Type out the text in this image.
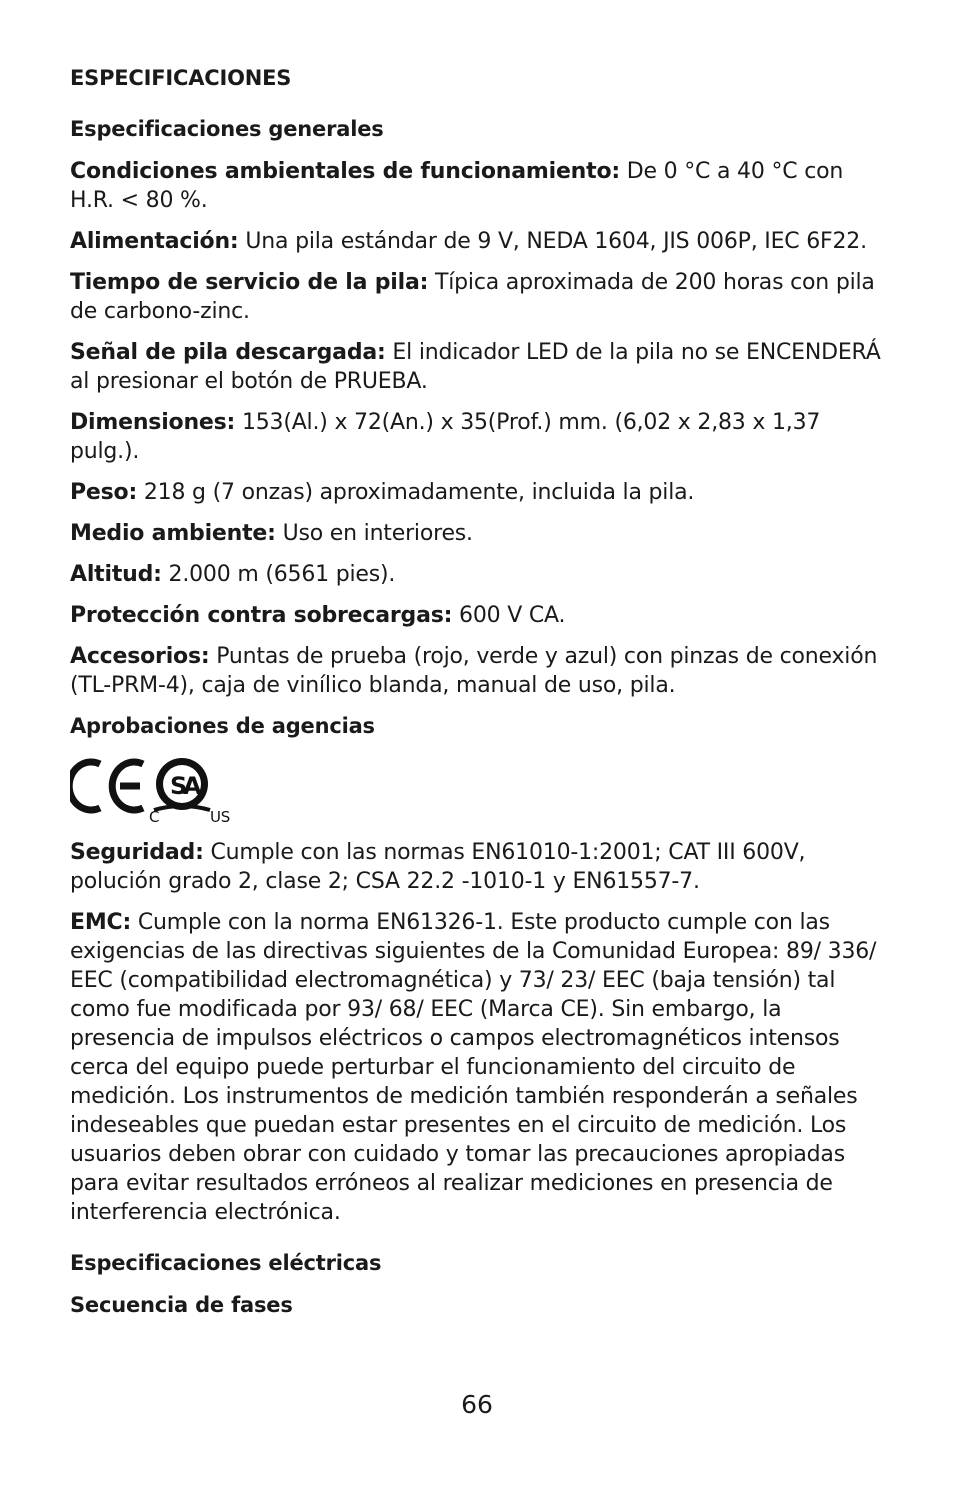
ESPECIFICACIONES
Especificaciones generales
Condiciones ambientales de funcionamiento: De 0 °C a 40 °C con H.R. < 80 %.
Alimentación: Una pila estándar de 9 V, NEDA 1604, JIS 006P, IEC 6F22.
Tiempo de servicio de la pila: Típica aproximada de 200 horas con pila de carbono-zinc.
Señal de pila descargada: El indicador LED de la pila no se ENCENDERÁ al presionar el botón de PRUEBA.
Dimensiones: 153(Al.) x 72(An.) x 35(Prof.) mm. (6,02 x 2,83 x 1,37 pulg.).
Peso: 218 g (7 onzas) aproximadamente, incluida la pila.
Medio ambiente: Uso en interiores.
Altitud: 2.000 m (6561 pies).
Protección contra sobrecargas: 600 V CA.
Accesorios: Puntas de prueba (rojo, verde y azul) con pinzas de conexión (TL-PRM-4), caja de vinílico blanda, manual de uso, pila.
Aprobaciones de agencias
S
A
C	US
Seguridad: Cumple con las normas EN61010-1:2001; CAT III 600V, polución grado 2, clase 2; CSA 22.2 -1010-1 y EN61557-7.
EMC: Cumple con la norma EN61326-1. Este producto cumple con las exigencias de las directivas siguientes de la Comunidad Europea: 89/ 336/ EEC (compatibilidad electromagnética) y 73/ 23/ EEC (baja tensión) tal como fue modificada por 93/ 68/ EEC (Marca CE). Sin embargo, la presencia de impulsos eléctricos o campos electromagnéticos intensos cerca del equipo puede perturbar el funcionamiento del circuito de medición. Los instrumentos de medición también responderán a señales indeseables que puedan estar presentes en el circuito de medición. Los usuarios deben obrar con cuidado y tomar las precauciones apropiadas para evitar resultados erróneos al realizar mediciones en presencia de interferencia electrónica.
Especificaciones eléctricas
Secuencia de fases
66
